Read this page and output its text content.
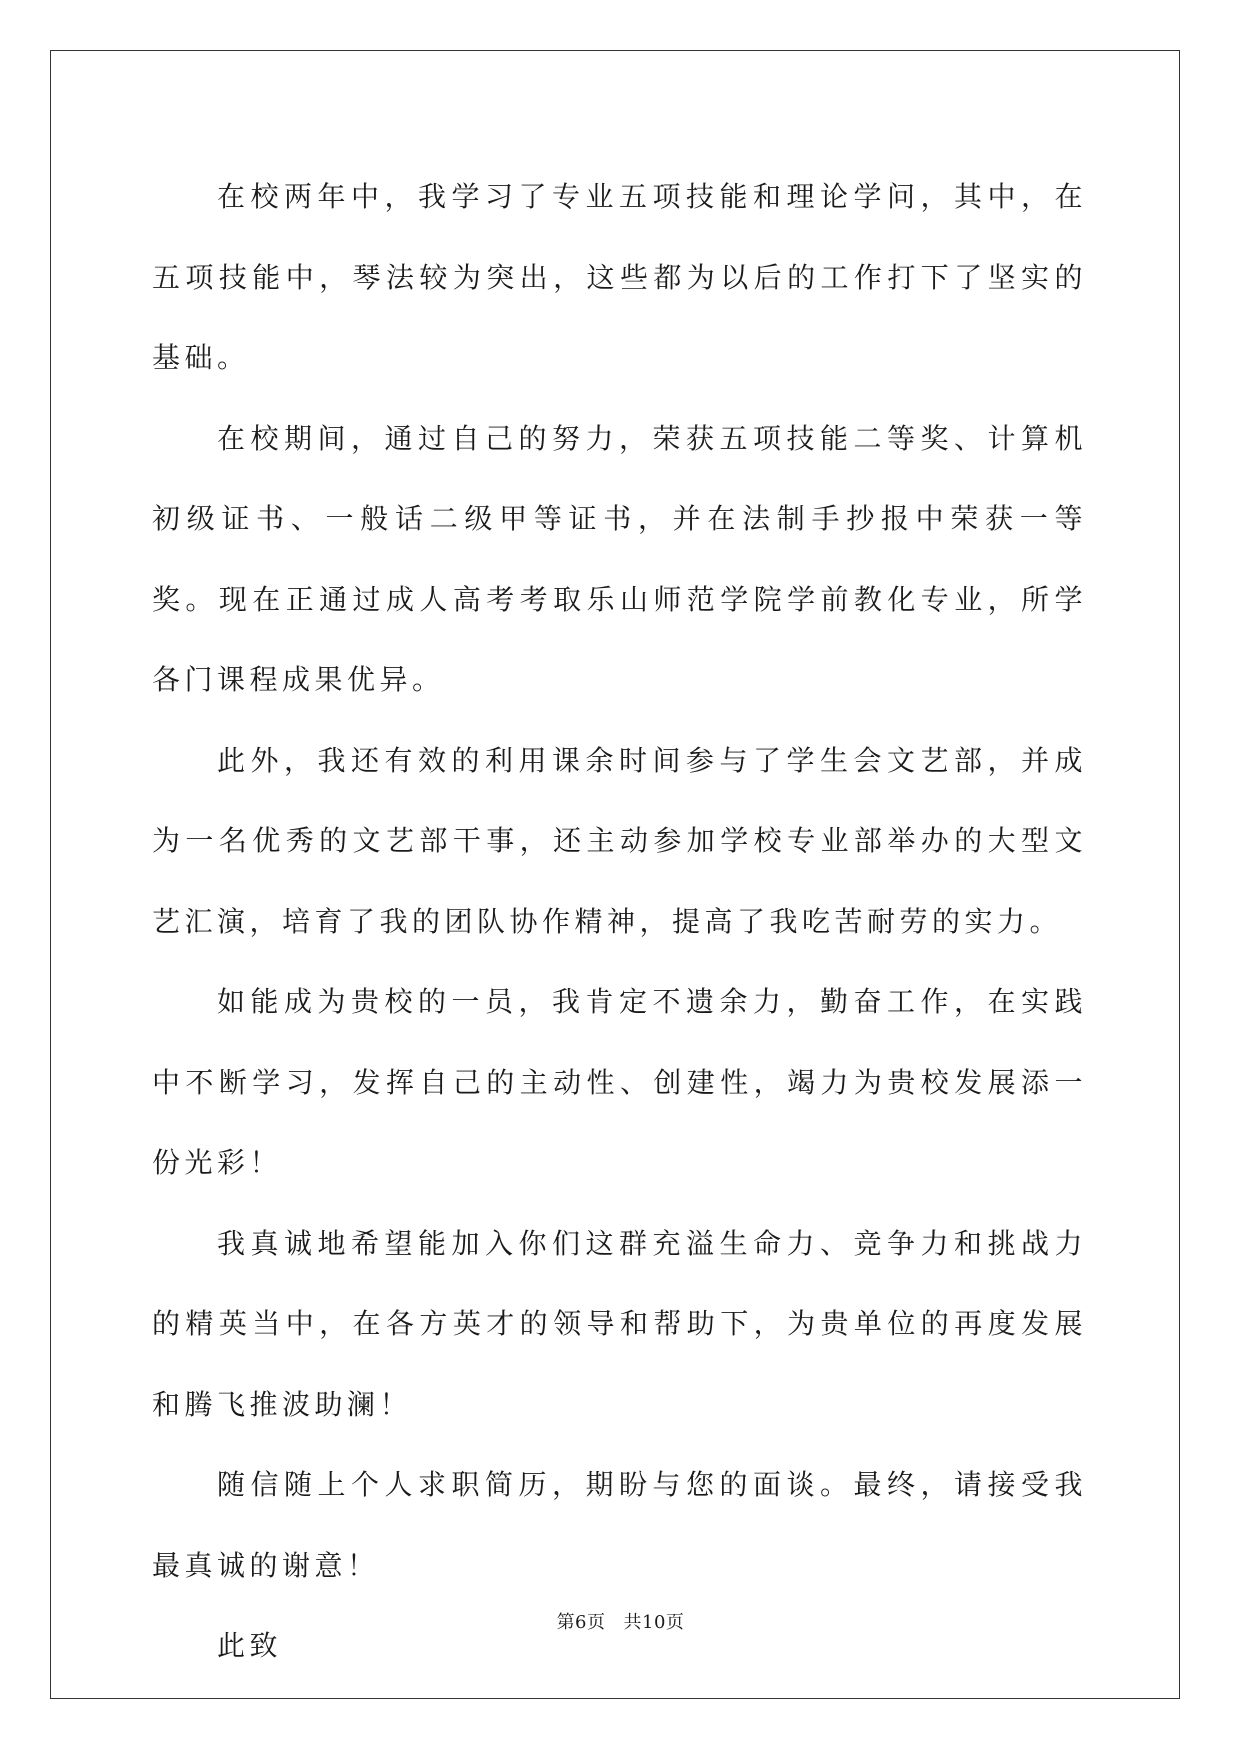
在校两年中，我学习了专业五项技能和理论学问，其中，在五项技能中，琴法较为突出，这些都为以后的工作打下了坚实的基础。

在校期间，通过自己的努力，荣获五项技能二等奖、计算机初级证书、一般话二级甲等证书，并在法制手抄报中荣获一等奖。现在正通过成人高考考取乐山师范学院学前教化专业，所学各门课程成果优异。

此外，我还有效的利用课余时间参与了学生会文艺部，并成为一名优秀的文艺部干事，还主动参加学校专业部举办的大型文艺汇演，培育了我的团队协作精神，提高了我吃苦耐劳的实力。

如能成为贵校的一员，我肯定不遗余力，勤奋工作，在实践中不断学习，发挥自己的主动性、创建性，竭力为贵校发展添一份光彩！

我真诚地希望能加入你们这群充溢生命力、竞争力和挑战力的精英当中，在各方英才的领导和帮助下，为贵单位的再度发展和腾飞推波助澜！

随信随上个人求职简历，期盼与您的面谈。最终，请接受我最真诚的谢意！

此致

第6页 共10页
